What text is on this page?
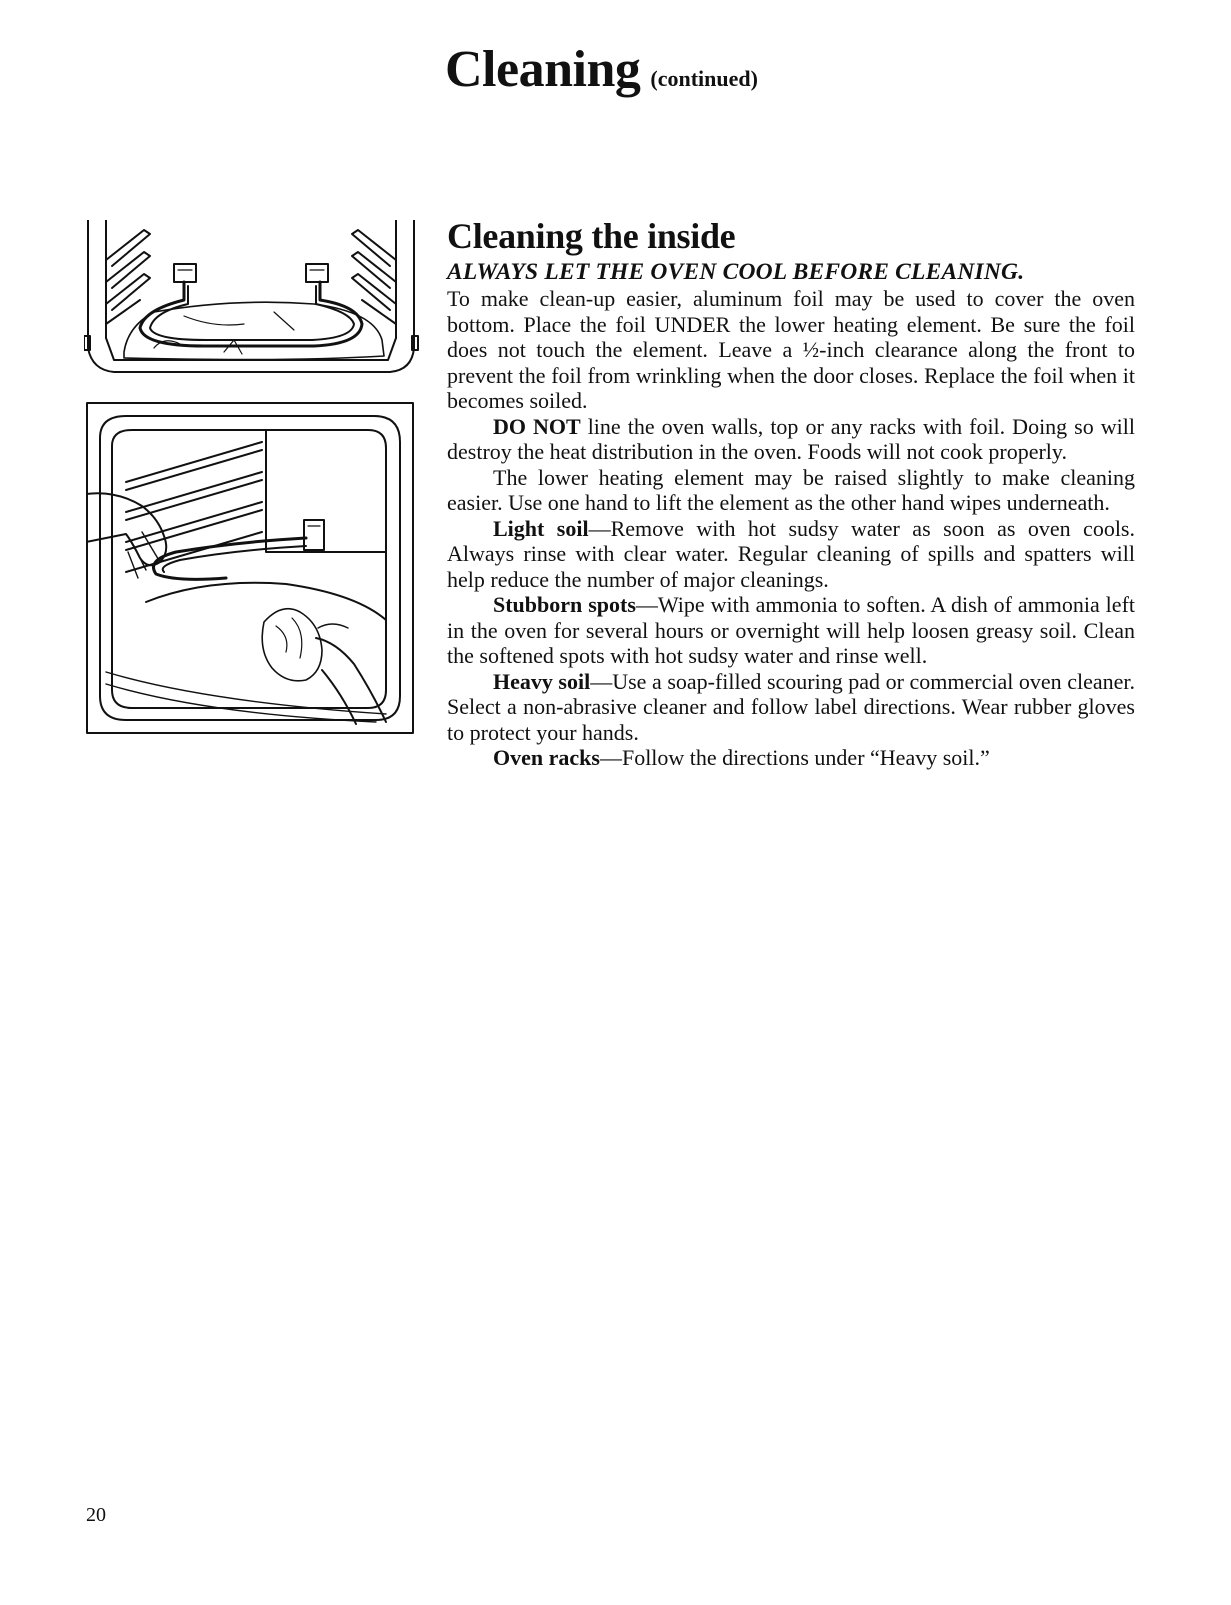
Cleaning (continued)
Cleaning the inside

ALWAYS LET THE OVEN COOL BEFORE CLEANING.

To make clean-up easier, aluminum foil may be used to cover the oven bottom. Place the foil UNDER the lower heating element. Be sure the foil does not touch the element. Leave a ½-inch clearance along the front to prevent the foil from wrinkling when the door closes. Replace the foil when it becomes soiled.

DO NOT line the oven walls, top or any racks with foil. Doing so will destroy the heat distribution in the oven. Foods will not cook properly.

The lower heating element may be raised slightly to make cleaning easier. Use one hand to lift the element as the other hand wipes underneath.

Light soil—Remove with hot sudsy water as soon as oven cools. Always rinse with clear water. Regular cleaning of spills and spatters will help reduce the number of major cleanings.

Stubborn spots—Wipe with ammonia to soften. A dish of ammonia left in the oven for several hours or overnight will help loosen greasy soil. Clean the softened spots with hot sudsy water and rinse well.

Heavy soil—Use a soap-filled scouring pad or commercial oven cleaner. Select a non-abrasive cleaner and follow label directions. Wear rubber gloves to protect your hands.

Oven racks—Follow the directions under “Heavy soil.”

20
